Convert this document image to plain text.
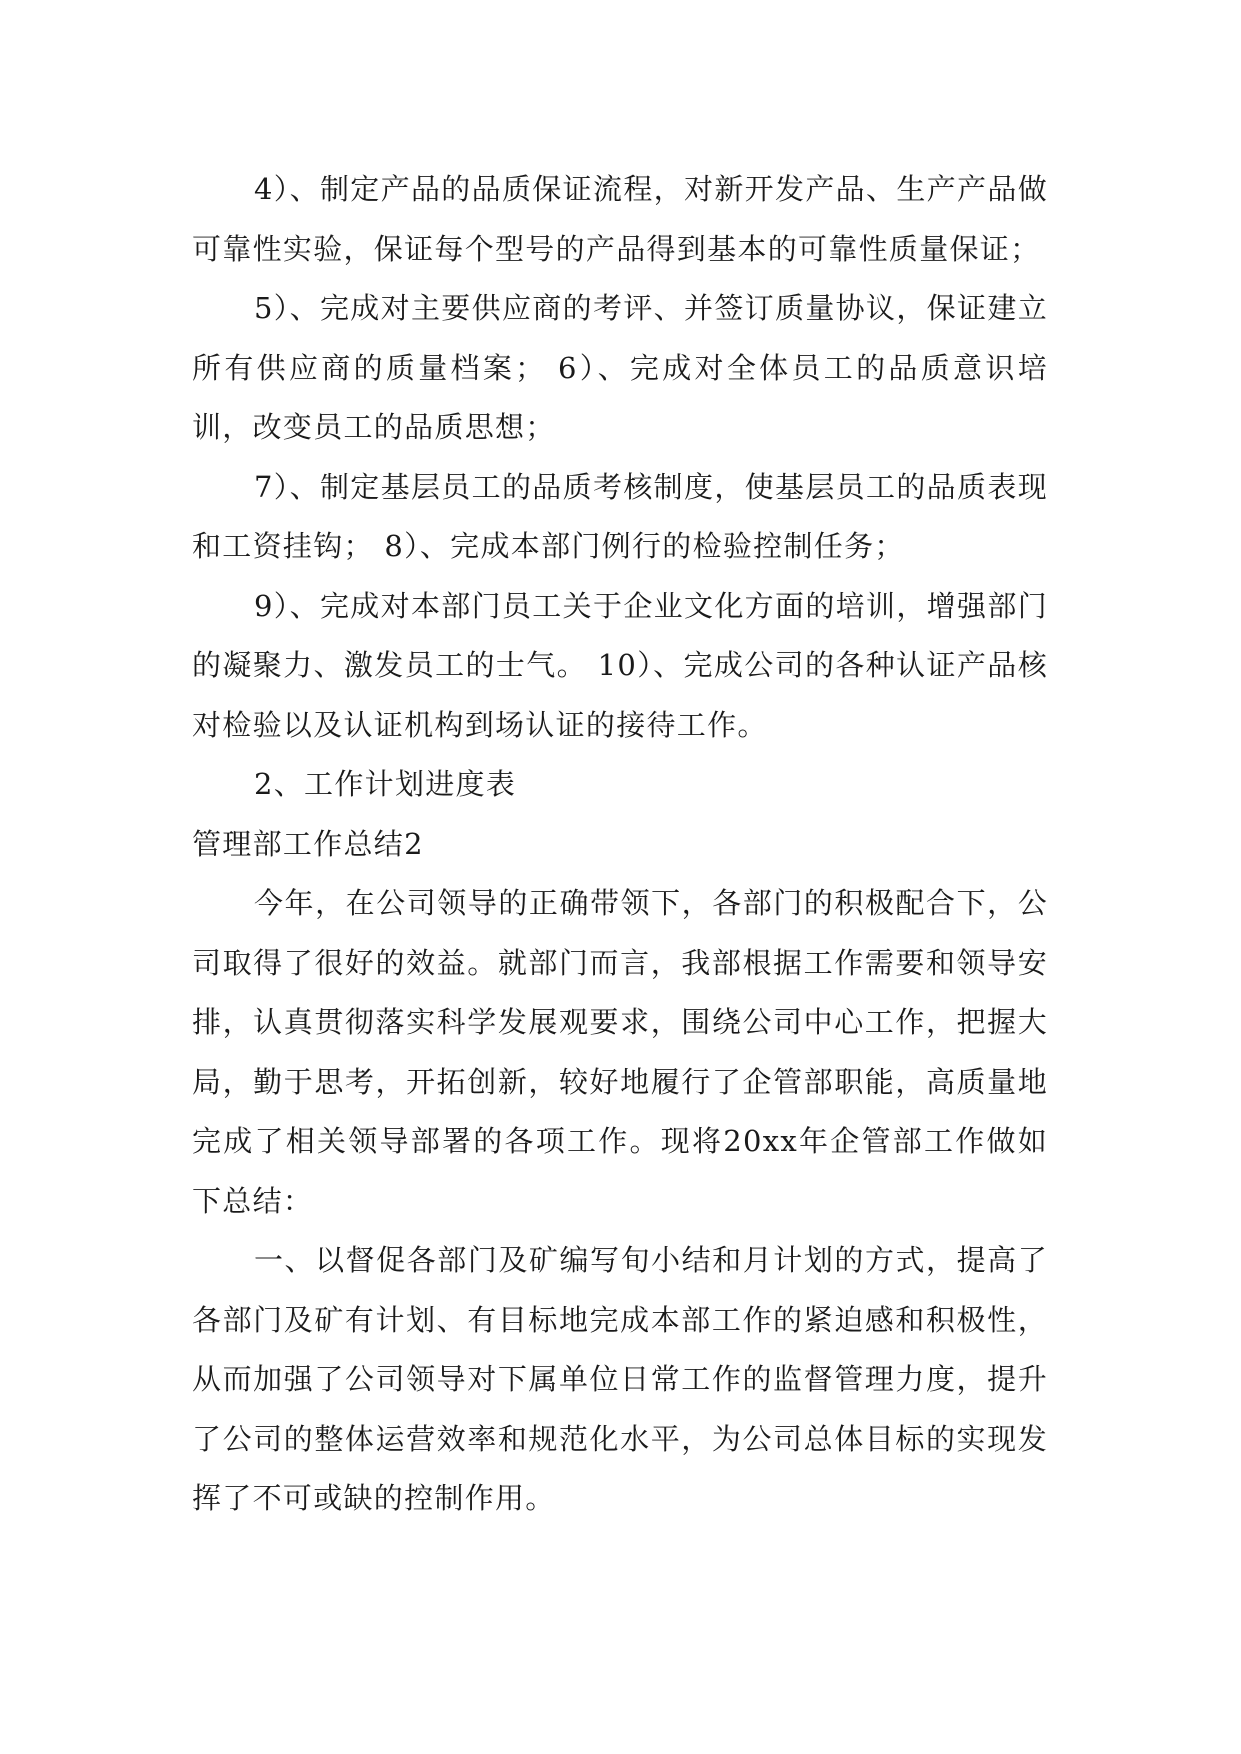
4）、制定产品的品质保证流程，对新开发产品、生产产品做可靠性实验，保证每个型号的产品得到基本的可靠性质量保证；

5）、完成对主要供应商的考评、并签订质量协议，保证建立所有供应商的质量档案； 6）、完成对全体员工的品质意识培训，改变员工的品质思想；

7）、制定基层员工的品质考核制度，使基层员工的品质表现和工资挂钩； 8）、完成本部门例行的检验控制任务；

9）、完成对本部门员工关于企业文化方面的培训，增强部门的凝聚力、激发员工的士气。 10）、完成公司的各种认证产品核对检验以及认证机构到场认证的接待工作。

2、工作计划进度表

管理部工作总结2

今年，在公司领导的正确带领下，各部门的积极配合下，公司取得了很好的效益。就部门而言，我部根据工作需要和领导安排，认真贯彻落实科学发展观要求，围绕公司中心工作，把握大局，勤于思考，开拓创新，较好地履行了企管部职能，高质量地完成了相关领导部署的各项工作。现将20xx年企管部工作做如下总结：

一、以督促各部门及矿编写旬小结和月计划的方式，提高了各部门及矿有计划、有目标地完成本部工作的紧迫感和积极性，从而加强了公司领导对下属单位日常工作的监督管理力度，提升了公司的整体运营效率和规范化水平，为公司总体目标的实现发挥了不可或缺的控制作用。
